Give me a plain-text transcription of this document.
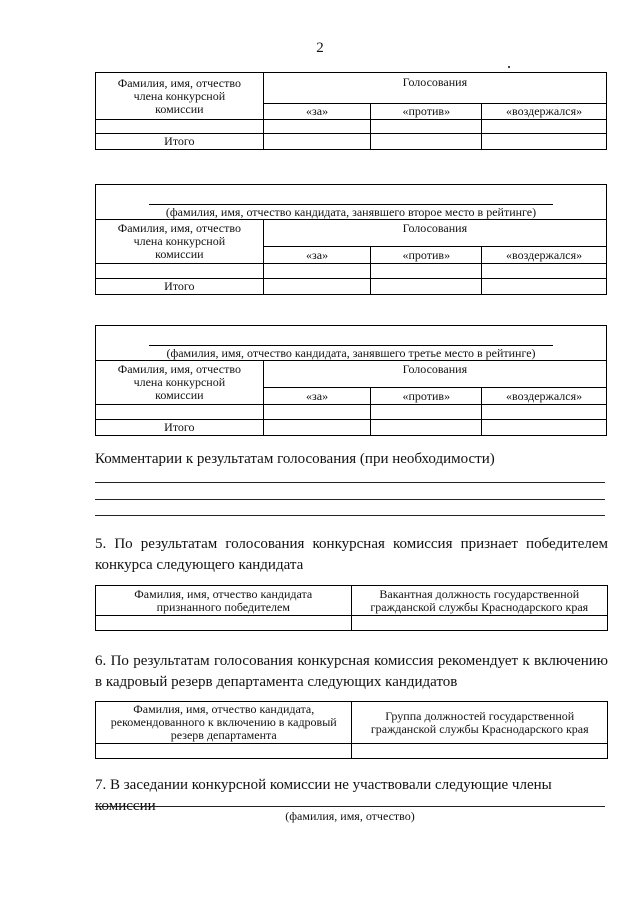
2
Фамилия, имя, отчество члена конкурсной комиссии	Голосования		
	«за»	«против»	«воздержался»

Итого			
(фамилия, имя, отчество кандидата, занявшего второе место в рейтинге)			
Фамилия, имя, отчество члена конкурсной комиссии	Голосования		
	«за»	«против»	«воздержался»

Итого			
(фамилия, имя, отчество кандидата, занявшего третье место в рейтинге)			
Фамилия, имя, отчество члена конкурсной комиссии	Голосования		
	«за»	«против»	«воздержался»

Итого			
Комментарии к результатам голосования (при необходимости)
5. По результатам голосования конкурсная комиссия признает победителем конкурса следующего кандидата
Фамилия, имя, отчество кандидата признанного победителем	Вакантная должность государственной гражданской службы Краснодарского края

6. По результатам голосования конкурсная комиссия рекомендует к включению в кадровый резерв департамента следующих кандидатов
Фамилия, имя, отчество кандидата, рекомендованного к включению в кадровый резерв департамента	Группа должностей государственной гражданской службы Краснодарского края

7. В заседании конкурсной комиссии не участвовали следующие члены комиссии
(фамилия, имя, отчество)
